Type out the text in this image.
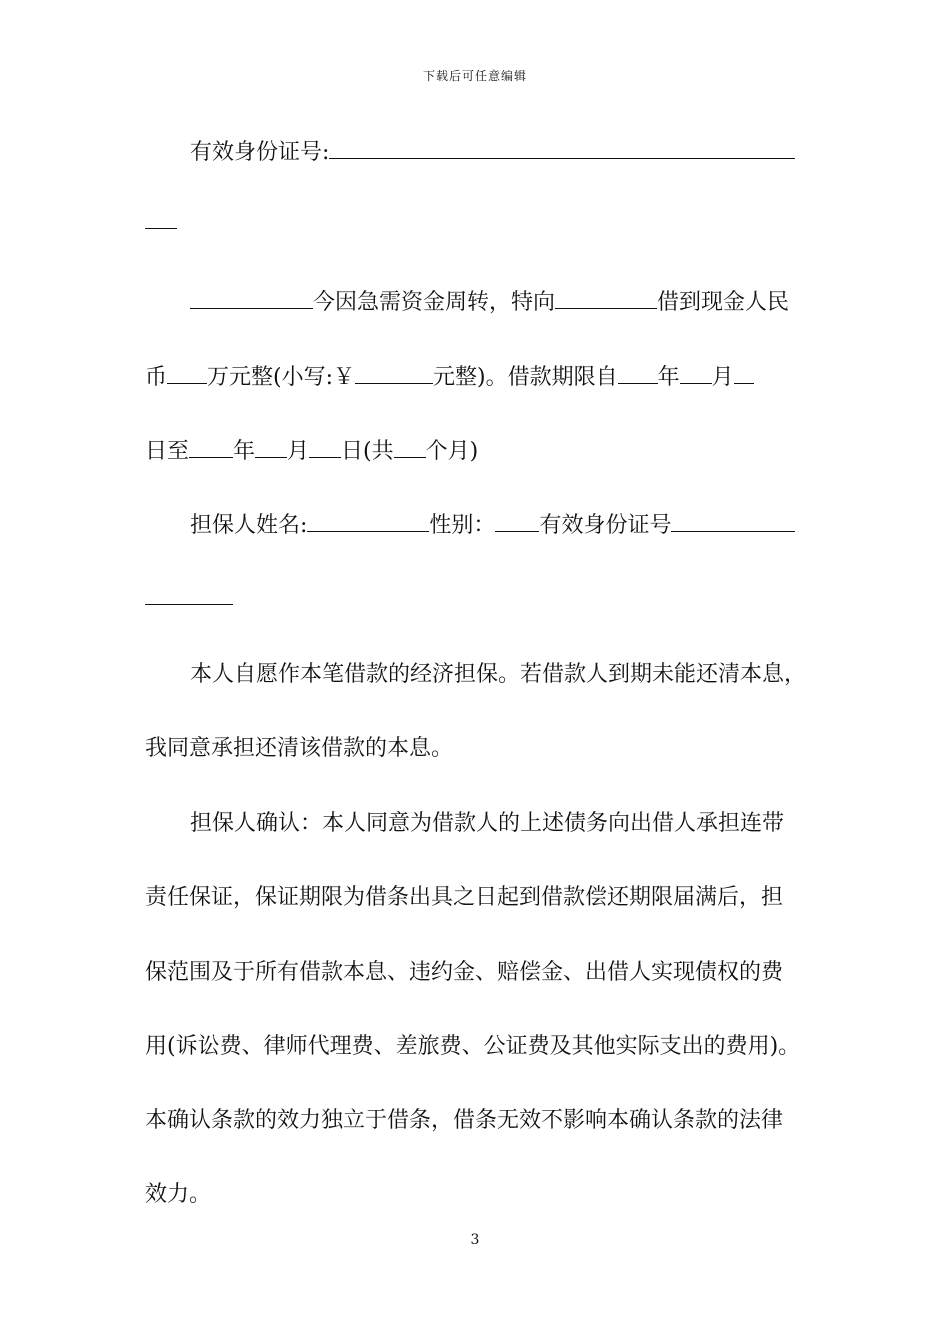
下载后可任意编辑
有效身份证号:
今因急需资金周转，特向	借到现金人民
币 万元整(小写:￥	元整)。借款期限自 年 月
日至 年 月 日(共 个月)
担保人姓名:	性别： 有效身份证号
本人自愿作本笔借款的经济担保。若借款人到期未能还清本息，
我同意承担还清该借款的本息。
担保人确认：本人同意为借款人的上述债务向出借人承担连带
责任保证，保证期限为借条出具之日起到借款偿还期限届满后，担
保范围及于所有借款本息、违约金、赔偿金、出借人实现债权的费
用(诉讼费、律师代理费、差旅费、公证费及其他实际支出的费用)。
本确认条款的效力独立于借条，借条无效不影响本确认条款的法律
效力。
3
